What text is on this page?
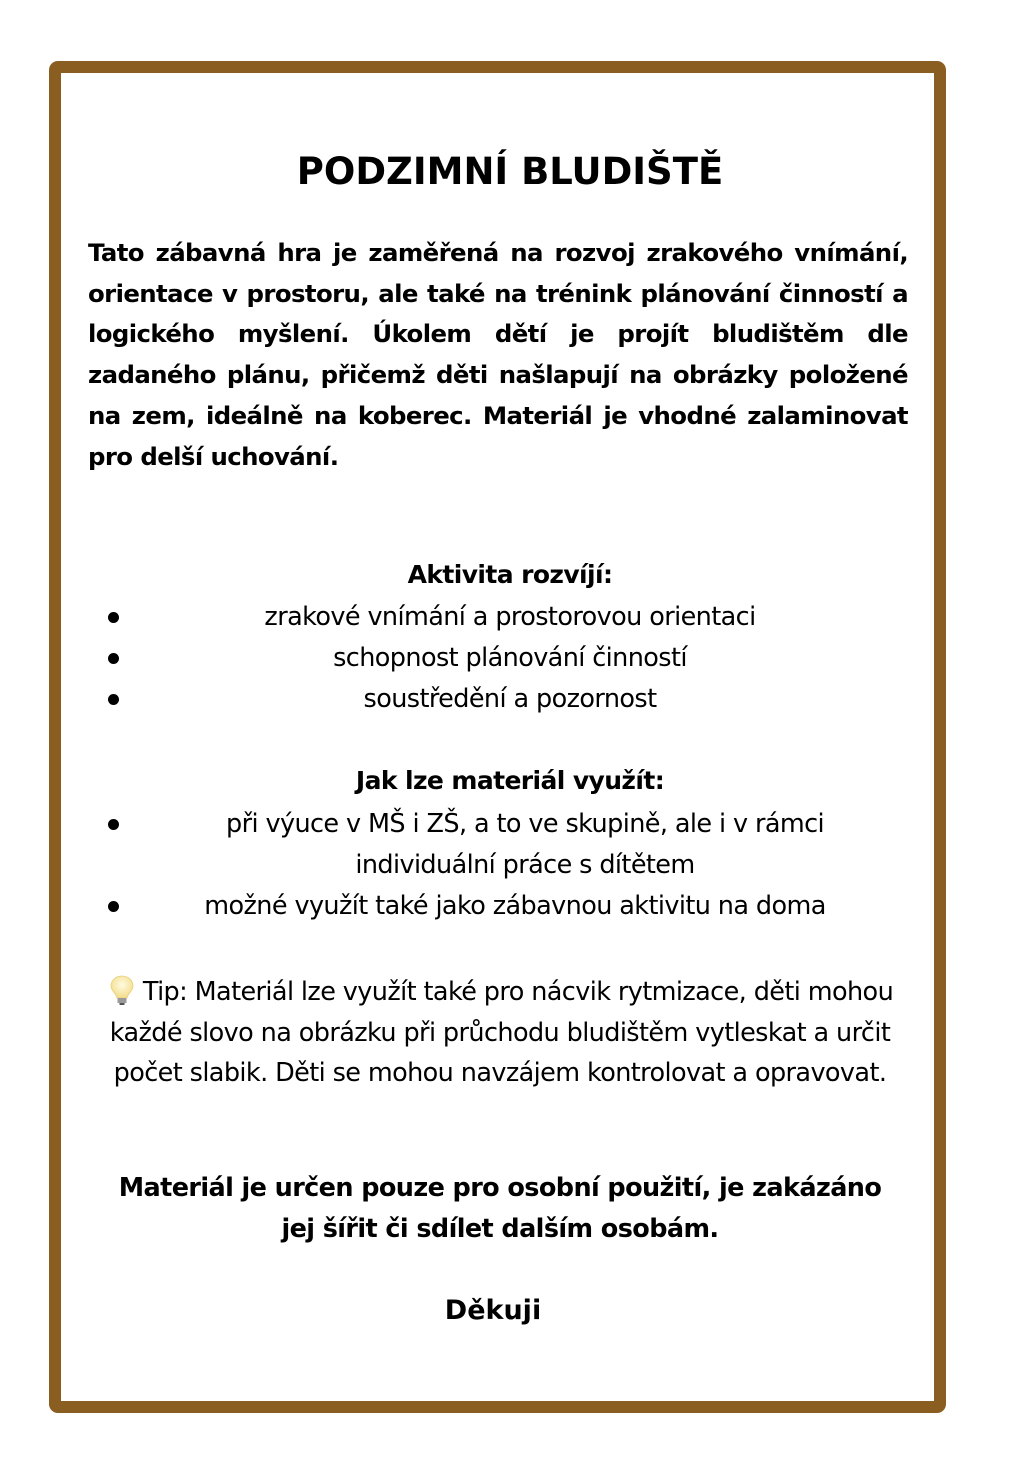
PODZIMNÍ BLUDIŠTĚ
Tato zábavná hra je zaměřená na rozvoj zrakového vnímání, orientace v prostoru, ale také na trénink plánování činností a logického myšlení. Úkolem dětí je projít bludištěm dle zadaného plánu, přičemž děti našlapují na obrázky položené na zem, ideálně na koberec. Materiál je vhodné zalaminovat pro delší uchování.
Aktivita rozvíjí:
zrakové vnímání a prostorovou orientaci
schopnost plánování činností
soustředění a pozornost
Jak lze materiál využít:
při výuce v MŠ i ZŠ, a to ve skupině, ale i v rámci individuální práce s dítětem
možné využít také jako zábavnou aktivitu na doma
Tip: Materiál lze využít také pro nácvik rytmizace, děti mohou každé slovo na obrázku při průchodu bludištěm vytleskat a určit počet slabik. Děti se mohou navzájem kontrolovat a opravovat.
Materiál je určen pouze pro osobní použití, je zakázáno jej šířit či sdílet dalším osobám.
Děkuji
